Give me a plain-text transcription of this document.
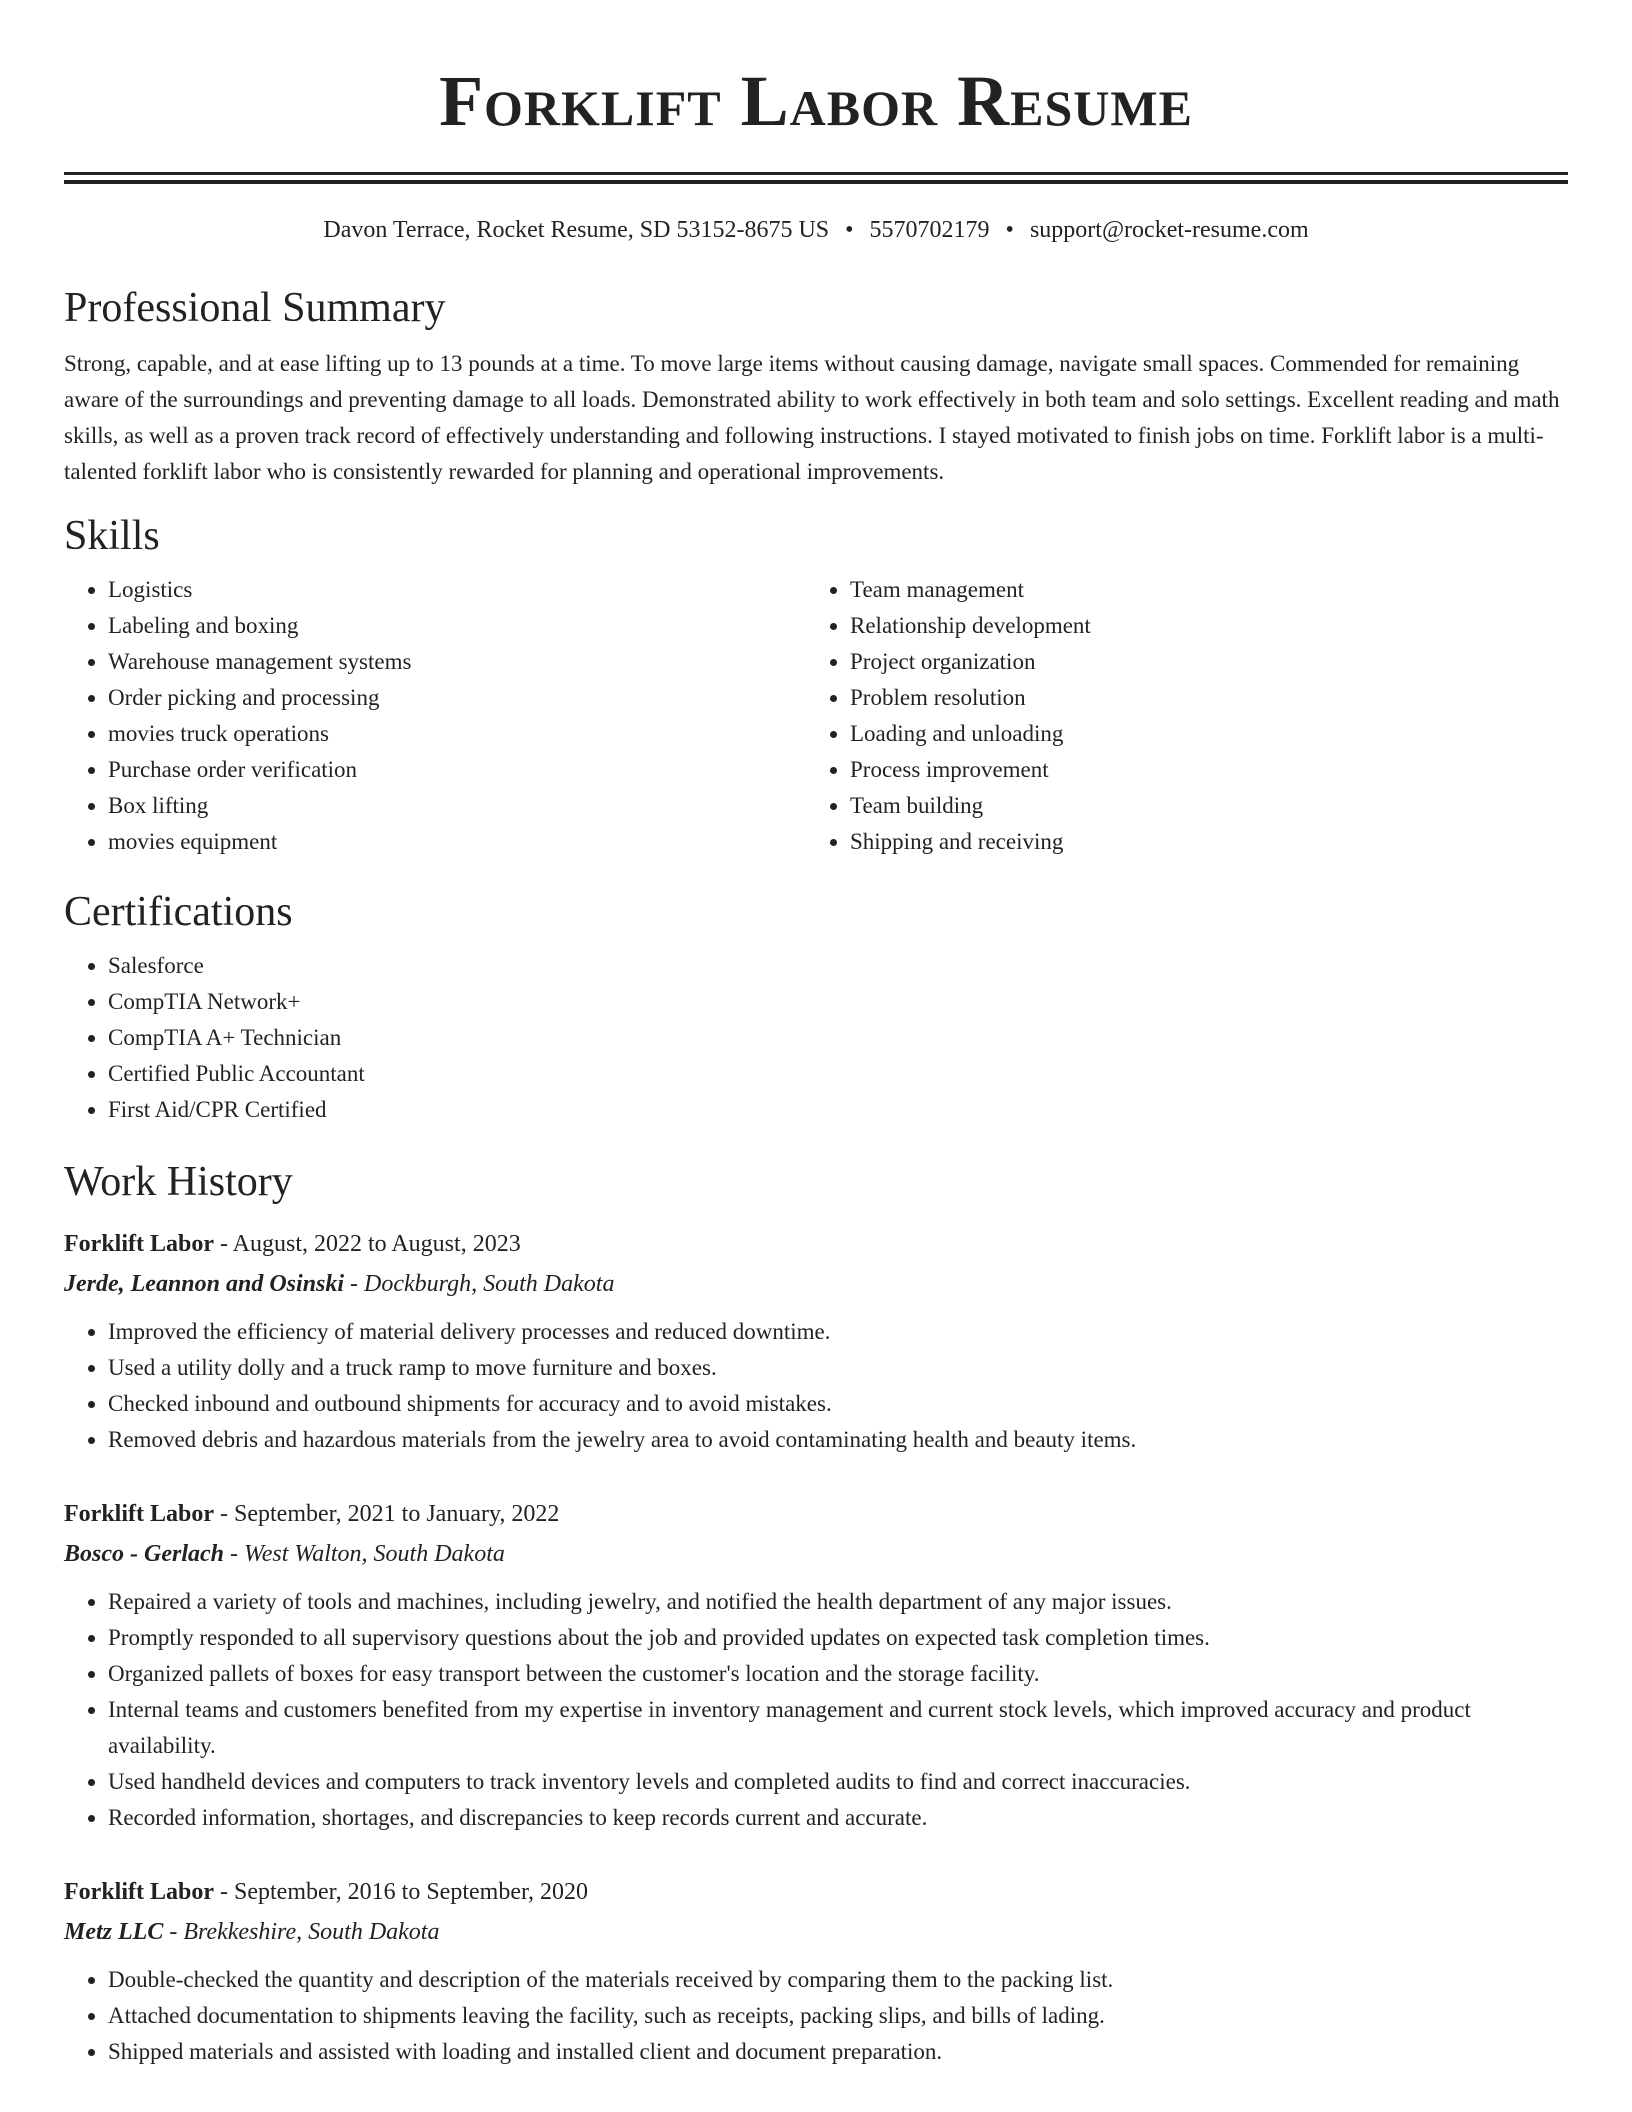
Forklift Labor Resume
Davon Terrace, Rocket Resume, SD 53152-8675 US • 5570702179 • support@rocket-resume.com
Professional Summary
Strong, capable, and at ease lifting up to 13 pounds at a time. To move large items without causing damage, navigate small spaces. Commended for remaining aware of the surroundings and preventing damage to all loads. Demonstrated ability to work effectively in both team and solo settings. Excellent reading and math skills, as well as a proven track record of effectively understanding and following instructions. I stayed motivated to finish jobs on time. Forklift labor is a multi-talented forklift labor who is consistently rewarded for planning and operational improvements.
Skills
• Logistics
• Labeling and boxing
• Warehouse management systems
• Order picking and processing
• movies truck operations
• Purchase order verification
• Box lifting
• movies equipment
• Team management
• Relationship development
• Project organization
• Problem resolution
• Loading and unloading
• Process improvement
• Team building
• Shipping and receiving
Certifications
• Salesforce
• CompTIA Network+
• CompTIA A+ Technician
• Certified Public Accountant
• First Aid/CPR Certified
Work History
Forklift Labor - August, 2022 to August, 2023
Jerde, Leannon and Osinski - Dockburgh, South Dakota
• Improved the efficiency of material delivery processes and reduced downtime.
• Used a utility dolly and a truck ramp to move furniture and boxes.
• Checked inbound and outbound shipments for accuracy and to avoid mistakes.
• Removed debris and hazardous materials from the jewelry area to avoid contaminating health and beauty items.
Forklift Labor - September, 2021 to January, 2022
Bosco - Gerlach - West Walton, South Dakota
• Repaired a variety of tools and machines, including jewelry, and notified the health department of any major issues.
• Promptly responded to all supervisory questions about the job and provided updates on expected task completion times.
• Organized pallets of boxes for easy transport between the customer's location and the storage facility.
• Internal teams and customers benefited from my expertise in inventory management and current stock levels, which improved accuracy and product availability.
• Used handheld devices and computers to track inventory levels and completed audits to find and correct inaccuracies.
• Recorded information, shortages, and discrepancies to keep records current and accurate.
Forklift Labor - September, 2016 to September, 2020
Metz LLC - Brekkeshire, South Dakota
• Double-checked the quantity and description of the materials received by comparing them to the packing list.
• Attached documentation to shipments leaving the facility, such as receipts, packing slips, and bills of lading.
• Shipped materials and assisted with loading and installed client and document preparation.
